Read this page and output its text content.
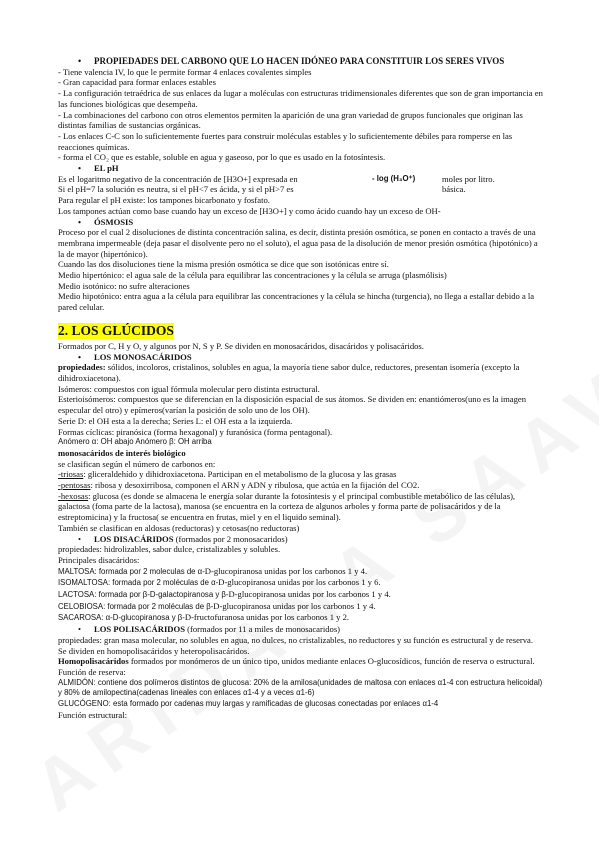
• PROPIEDADES DEL CARBONO QUE LO HACEN IDÓNEO PARA CONSTITUIR LOS SERES VIVOS

- Tiene valencia IV, lo que le permite formar 4 enlaces covalentes simples

- Gran capacidad para formar enlaces estables

- La configuración tetraédrica de sus enlaces da lugar a moléculas con estructuras tridimensionales diferentes que son de gran importancia en las funciones biológicas que desempeña.

- La combinaciones del carbono con otros elementos permiten la aparición de una gran variedad de grupos funcionales que originan las distintas familias de sustancias orgánicas.

- Los enlaces C-C son lo suficientemente fuertes para construir moléculas estables y lo suficientemente débiles para romperse en las reacciones químicas.

- forma el CO₂ que es estable, soluble en agua y gaseoso, por lo que es usado en la fotosíntesis.

• EL pH

Es el logaritmo negativo de la concentración de [H3O+] expresada en	- log (H₃O⁺)	moles por litro.
Si el pH=7 la solución es neutra, si el pH<7 es ácida, y si el pH>7 es	básica.

Para regular el pH existe: los tampones bicarbonato y fosfato.

Los tampones actúan como base cuando hay un exceso de [H3O+] y como ácido cuando hay un exceso de OH-

• ÓSMOSIS

Proceso por el cual 2 disoluciones de distinta concentración salina, es decir, distinta presión osmótica, se ponen en contacto a través de una membrana impermeable (deja pasar el disolvente pero no el soluto), el agua pasa de la disolución de menor presión osmótica (hipotónico) a la de mayor (hipertónico).

Cuando las dos disoluciones tiene la misma presión osmótica se dice que son isotónicas entre sí.

Medio hipertónico: el agua sale de la célula para equilibrar las concentraciones y la célula se arruga (plasmólisis)

Medio isotónico: no sufre alteraciones

Medio hipotónico: entra agua a la célula para equilibrar las concentraciones y la célula se hincha (turgencia), no llega a estallar debido a la pared celular.

2. LOS GLÚCIDOS

Formados por C, H y O, y algunos por N, S y P. Se dividen en monosacáridos, disacáridos y polisacáridos.

• LOS MONOSACÁRIDOS

propiedades: sólidos, incoloros, cristalinos, solubles en agua, la mayoría tiene sabor dulce, reductores, presentan isomería (excepto la dihidroxiacetona).

Isómeros: compuestos con igual fórmula molecular pero distinta estructural.

Esterioisómeros: compuestos que se diferencian en la disposición espacial de sus átomos. Se dividen en: enantiómeros(uno es la imagen especular del otro) y epímeros(varían la posición de solo uno de los OH).

Serie D: el OH esta a la derecha; Series L: el OH esta a la izquierda.

Formas cíclicas: piranósica (forma hexagonal) y furanósica (forma pentagonal).

Anómero α: OH abajo Anómero β: OH arriba

monosacáridos de interés biológico

se clasifican según el número de carbonos en:

-triosas: gliceraldehído y dihidroxiacetona. Participan en el metabolismo de la glucosa y las grasas

-pentosas: ribosa y desoxirribosa, componen el ARN y ADN y ribulosa, que actúa en la fijación del CO2.

-hexosas: glucosa (es donde se almacena le energía solar durante la fotosíntesis y el principal combustible metabólico de las células), galactosa (foma parte de la lactosa), manosa (se encuentra en la corteza de algunos arboles y forma parte de polisacáridos y de la estreptomicina) y la fructosa( se encuentra en frutas, miel y en el liquido seminal).

También se clasifican en aldosas (reductoras) y cetosas(no reductoras)

• LOS DISACÁRIDOS (formados por 2 monosacaridos)

propiedades: hidrolizables, sabor dulce, cristalizables y solubles.

Principales disacáridos:

MALTOSA: formada por 2 moleculas de α-D-glucopiranosa unidas por los carbonos 1 y 4.

ISOMALTOSA: formada por 2 moléculas de α-D-glucopiranosa unidas por los carbonos 1 y 6.

LACTOSA: formada por β-D-galactopiranosa y β-D-glucopiranosa unidas por los carbonos 1 y 4.

CELOBIOSA: formada por 2 moléculas de β-D-glucopiranosa unidas por los carbonos 1 y 4.

SACAROSA: α-D-glucopiranosa y β-D-fructofuranosa unidas por los carbonos 1 y 2.

• LOS POLISACÁRIDOS (formados por 11 a miles de monosacaridos)

propiedades: gran masa molecular, no solubles en agua, no dulces, no cristalizables, no reductores y su función es estructural y de reserva. Se dividen en homopolisacáridos y heteropolisacáridos.

Homopolisacáridos formados por monómeros de un único tipo, unidos mediante enlaces O-glucosídicos, función de reserva o estructural.

Función de reserva:

ALMIDÓN: contiene dos polímeros distintos de glucosa: 20% de la amilosa(unidades de maltosa con enlaces α1-4 con estructura helicoidal) y 80% de amilopectina(cadenas lineales con enlaces α1-4 y a veces α1-6)

GLUCÓGENO: esta formado por cadenas muy largas y ramificadas de glucosas conectadas por enlaces α1-4

Función estructural:
